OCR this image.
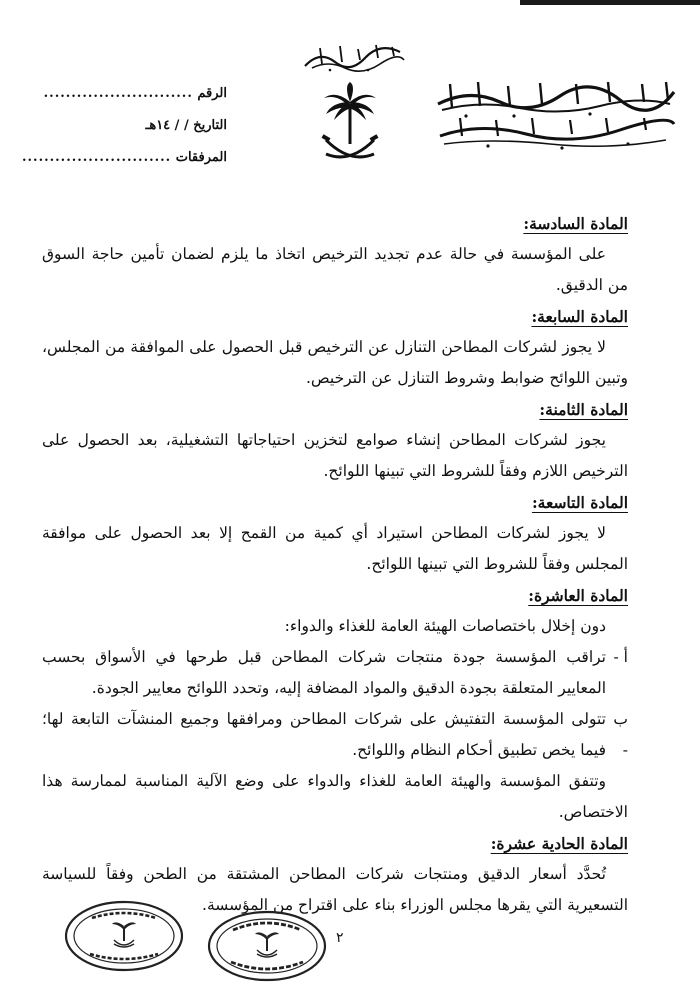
الرقم ...........................
التاريخ / / ١٤هـ
المرفقات ...........................
المادة السادسة:

على المؤسسة في حالة عدم تجديد الترخيص اتخاذ ما يلزم لضمان تأمين حاجة السوق من الدقيق.

المادة السابعة:

لا يجوز لشركات المطاحن التنازل عن الترخيص قبل الحصول على الموافقة من المجلس، وتبين اللوائح ضوابط وشروط التنازل عن الترخيص.

المادة الثامنة:

يجوز لشركات المطاحن إنشاء صوامع لتخزين احتياجاتها التشغيلية، بعد الحصول على الترخيص اللازم وفقاً للشروط التي تبينها اللوائح.

المادة التاسعة:

لا يجوز لشركات المطاحن استيراد أي كمية من القمح إلا بعد الحصول على موافقة المجلس وفقاً للشروط التي تبينها اللوائح.

المادة العاشرة:

دون إخلال باختصاصات الهيئة العامة للغذاء والدواء:

أ -
تراقب المؤسسة جودة منتجات شركات المطاحن قبل طرحها في الأسواق بحسب المعايير المتعلقة بجودة الدقيق والمواد المضافة إليه، وتحدد اللوائح معايير الجودة.
ب -
تتولى المؤسسة التفتيش على شركات المطاحن ومرافقها وجميع المنشآت التابعة لها؛ فيما يخص تطبيق أحكام النظام واللوائح.

وتتفق المؤسسة والهيئة العامة للغذاء والدواء على وضع الآلية المناسبة لممارسة هذا الاختصاص.

المادة الحادية عشرة:

تُحدَّد أسعار الدقيق ومنتجات شركات المطاحن المشتقة من الطحن وفقاً للسياسة التسعيرية التي يقرها مجلس الوزراء بناء على اقتراح من المؤسسة.

٢
